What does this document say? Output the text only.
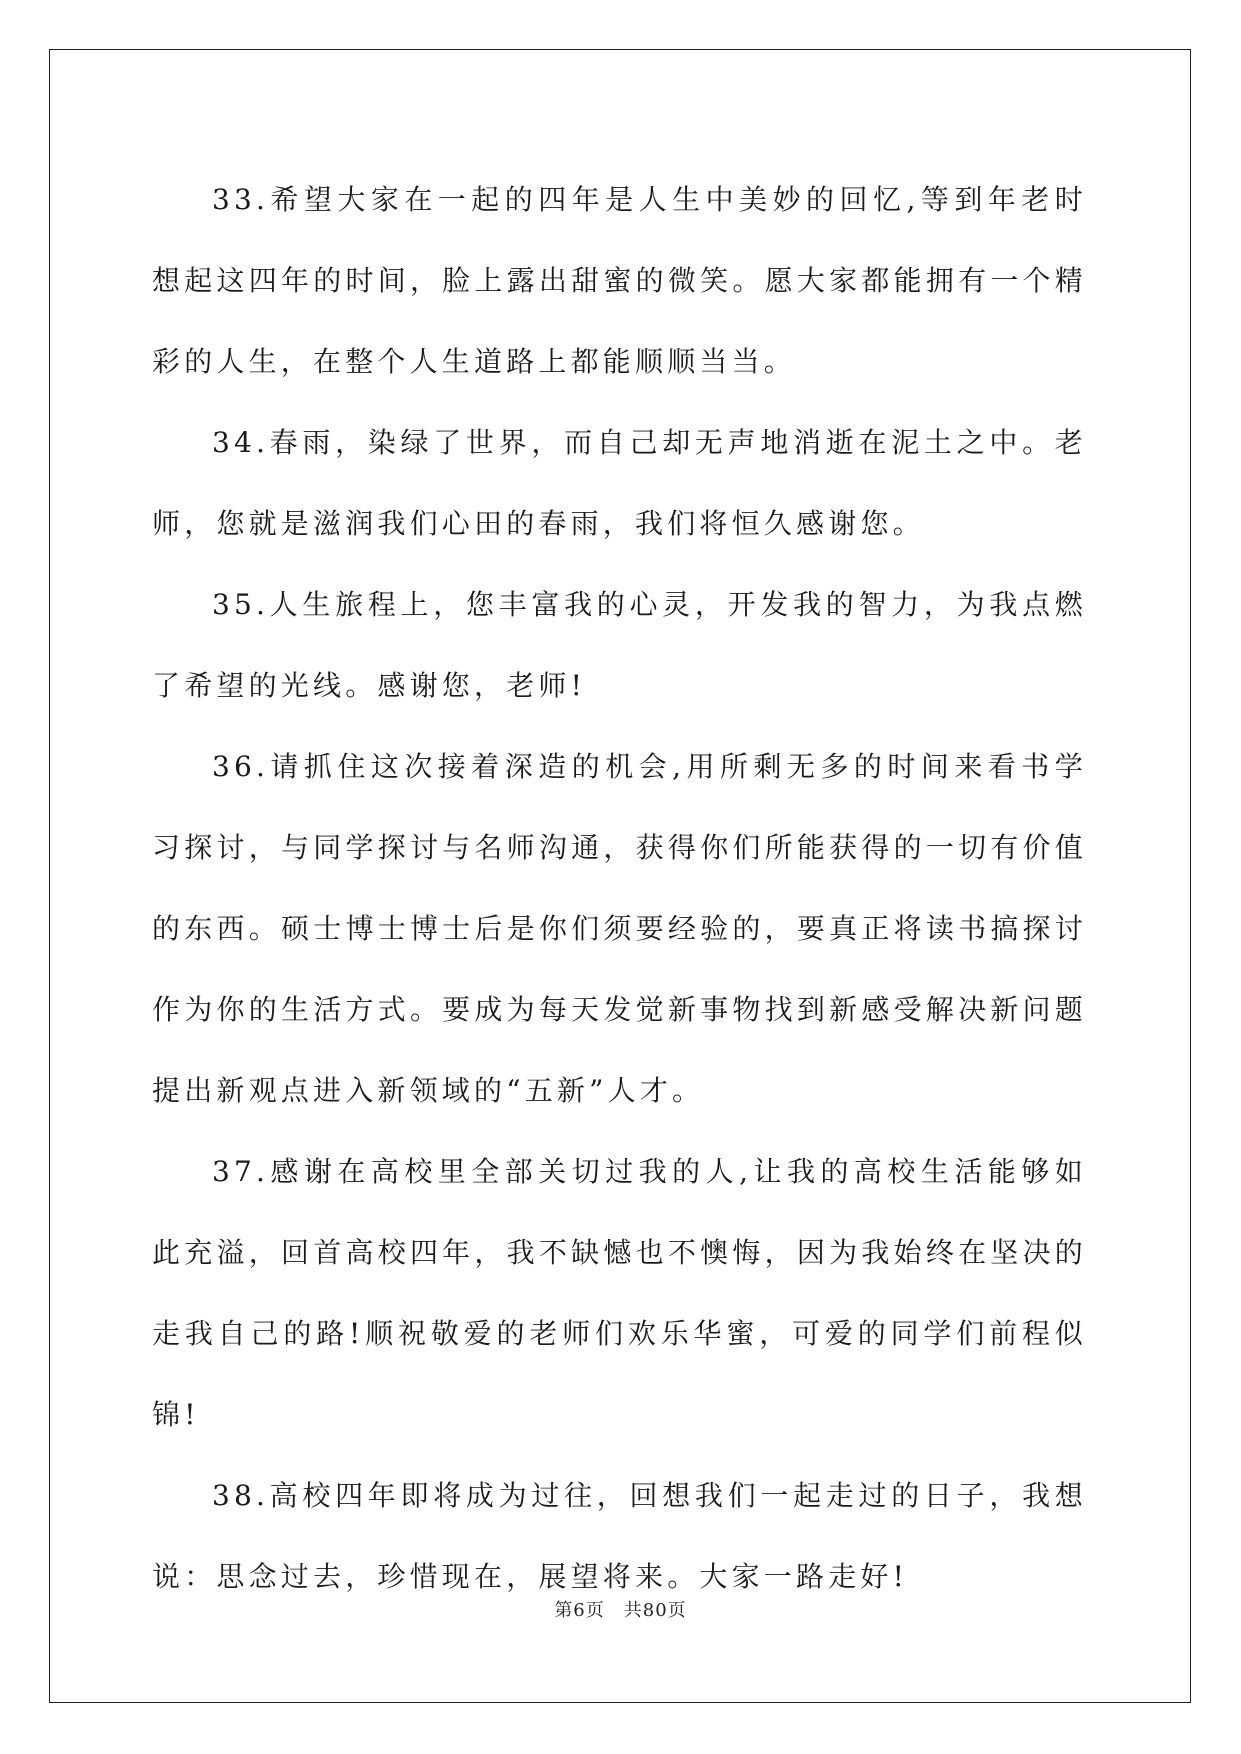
33.希望大家在一起的四年是人生中美妙的回忆,等到年老时想起这四年的时间，脸上露出甜蜜的微笑。愿大家都能拥有一个精彩的人生，在整个人生道路上都能顺顺当当。

34.春雨，染绿了世界，而自己却无声地消逝在泥土之中。老师，您就是滋润我们心田的春雨，我们将恒久感谢您。

35.人生旅程上，您丰富我的心灵，开发我的智力，为我点燃了希望的光线。感谢您，老师!

36.请抓住这次接着深造的机会,用所剩无多的时间来看书学习探讨，与同学探讨与名师沟通，获得你们所能获得的一切有价值的东西。硕士博士博士后是你们须要经验的，要真正将读书搞探讨作为你的生活方式。要成为每天发觉新事物找到新感受解决新问题提出新观点进入新领域的“五新”人才。

37.感谢在高校里全部关切过我的人,让我的高校生活能够如此充溢，回首高校四年，我不缺憾也不懊悔，因为我始终在坚决的走我自己的路!顺祝敬爱的老师们欢乐华蜜，可爱的同学们前程似锦!

38.高校四年即将成为过往，回想我们一起走过的日子，我想说：思念过去，珍惜现在，展望将来。大家一路走好!

第6页　共80页
